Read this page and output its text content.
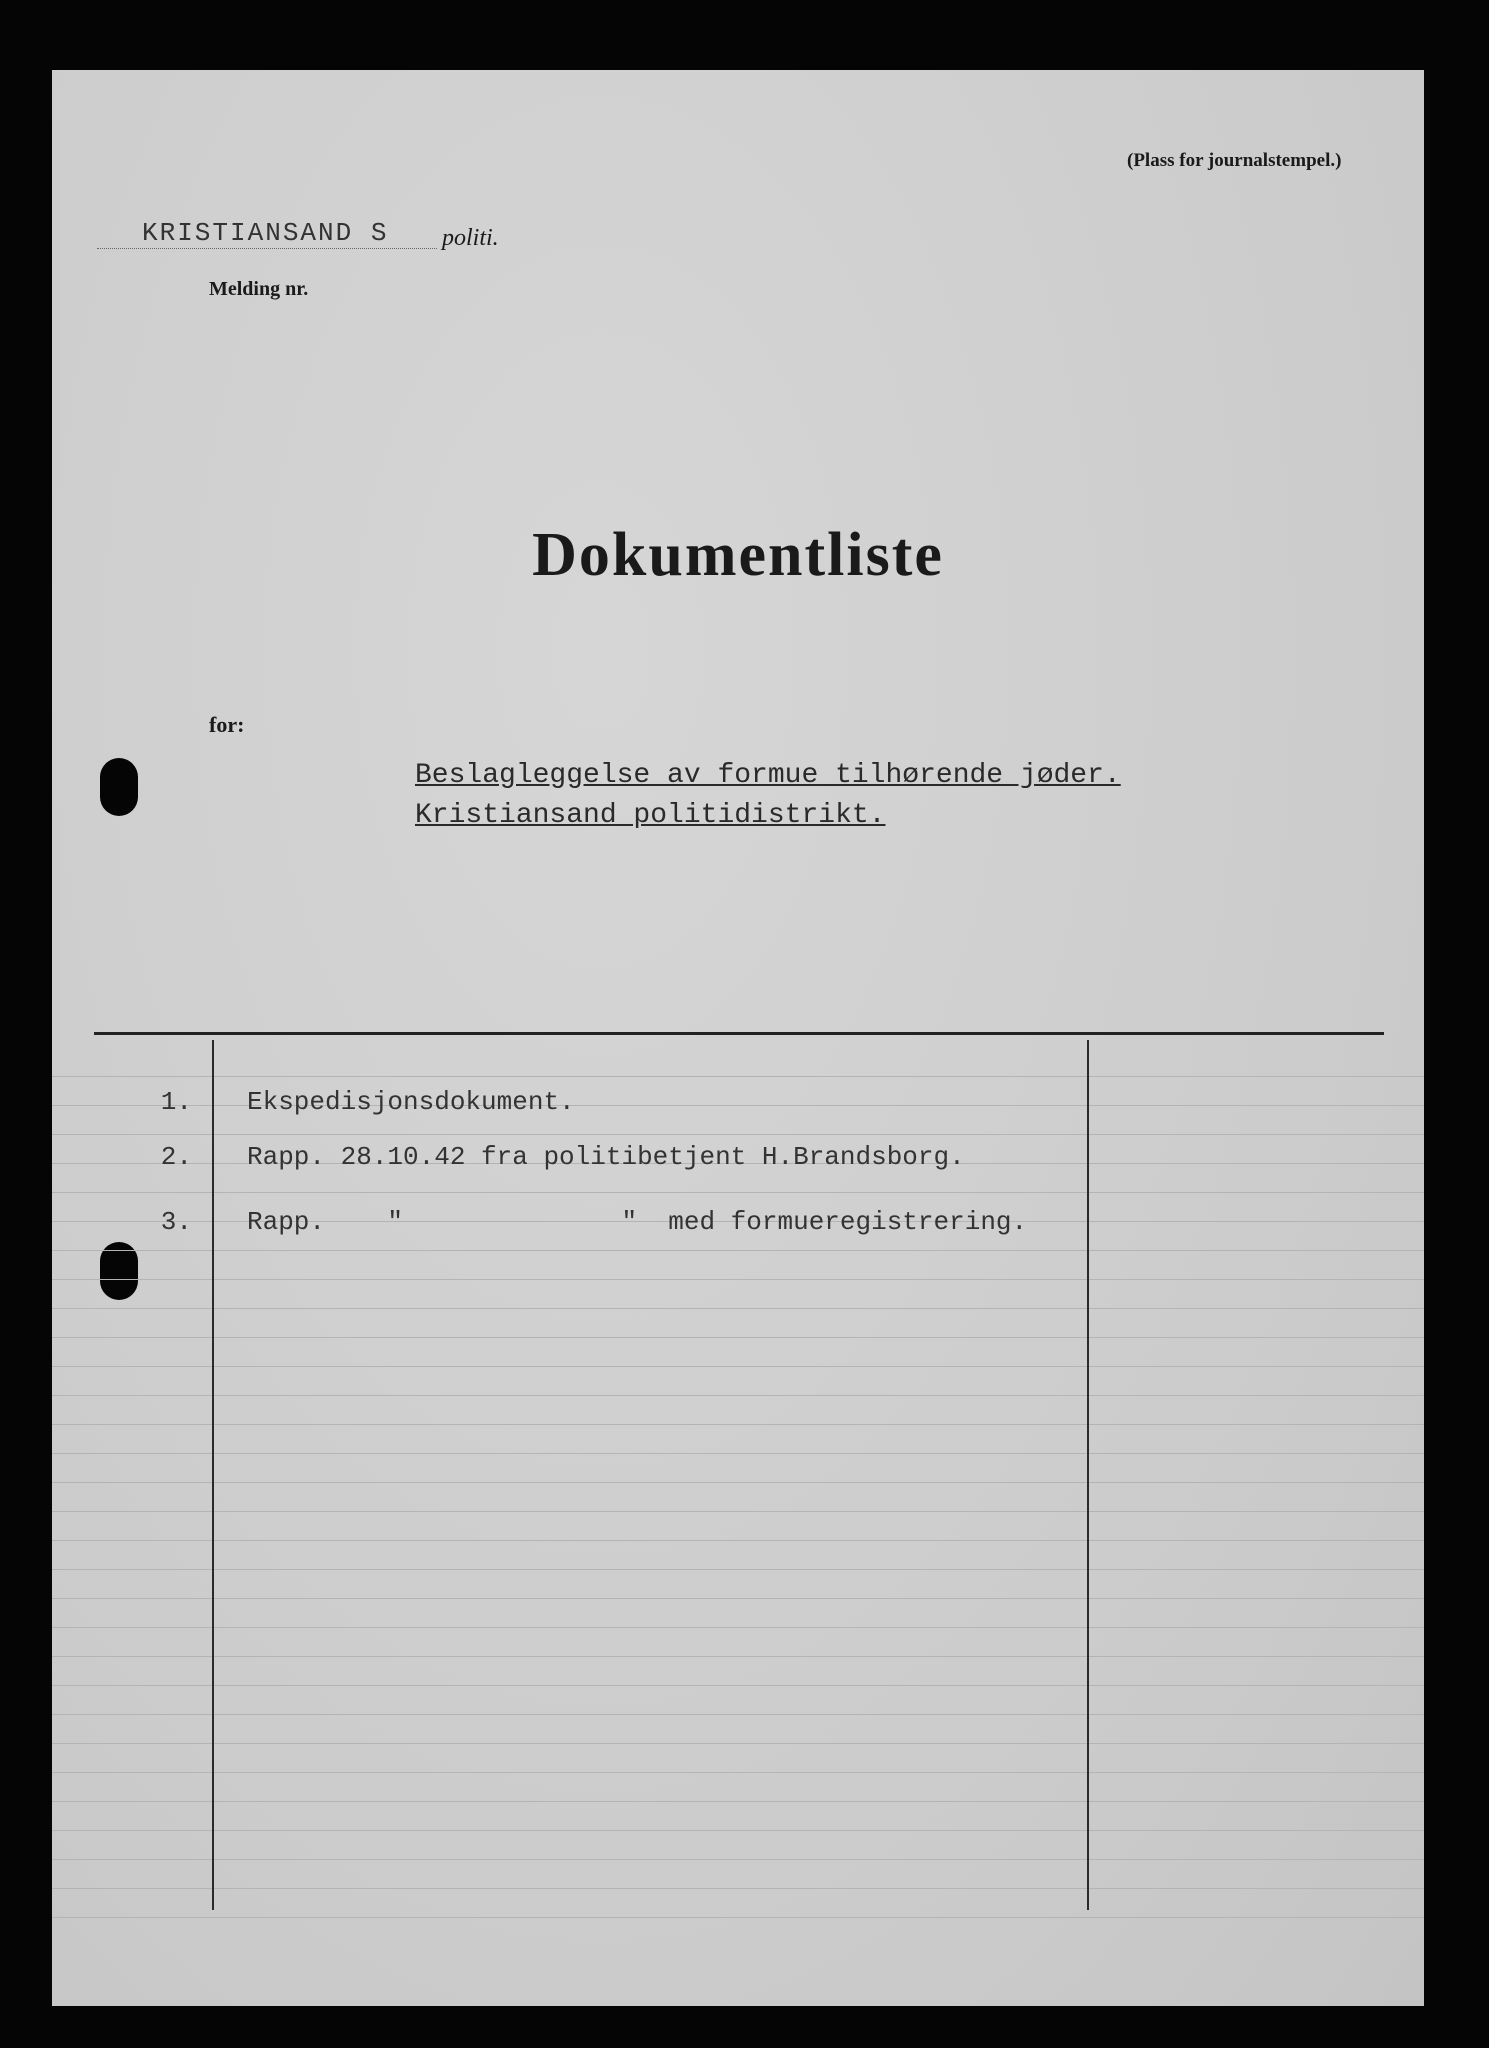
(Plass for journalstempel.)
KRISTIANSAND S politi.
Melding nr.
Dokumentliste
for:
Beslagleggelse av formue tilhørende jøder.
Kristiansand politidistrikt.
1. Ekspedisjonsdokument.
2. Rapp. 28.10.42 fra politibetjent H.Brandsborg.
3. Rapp.    "              "  med formueregistrering.
